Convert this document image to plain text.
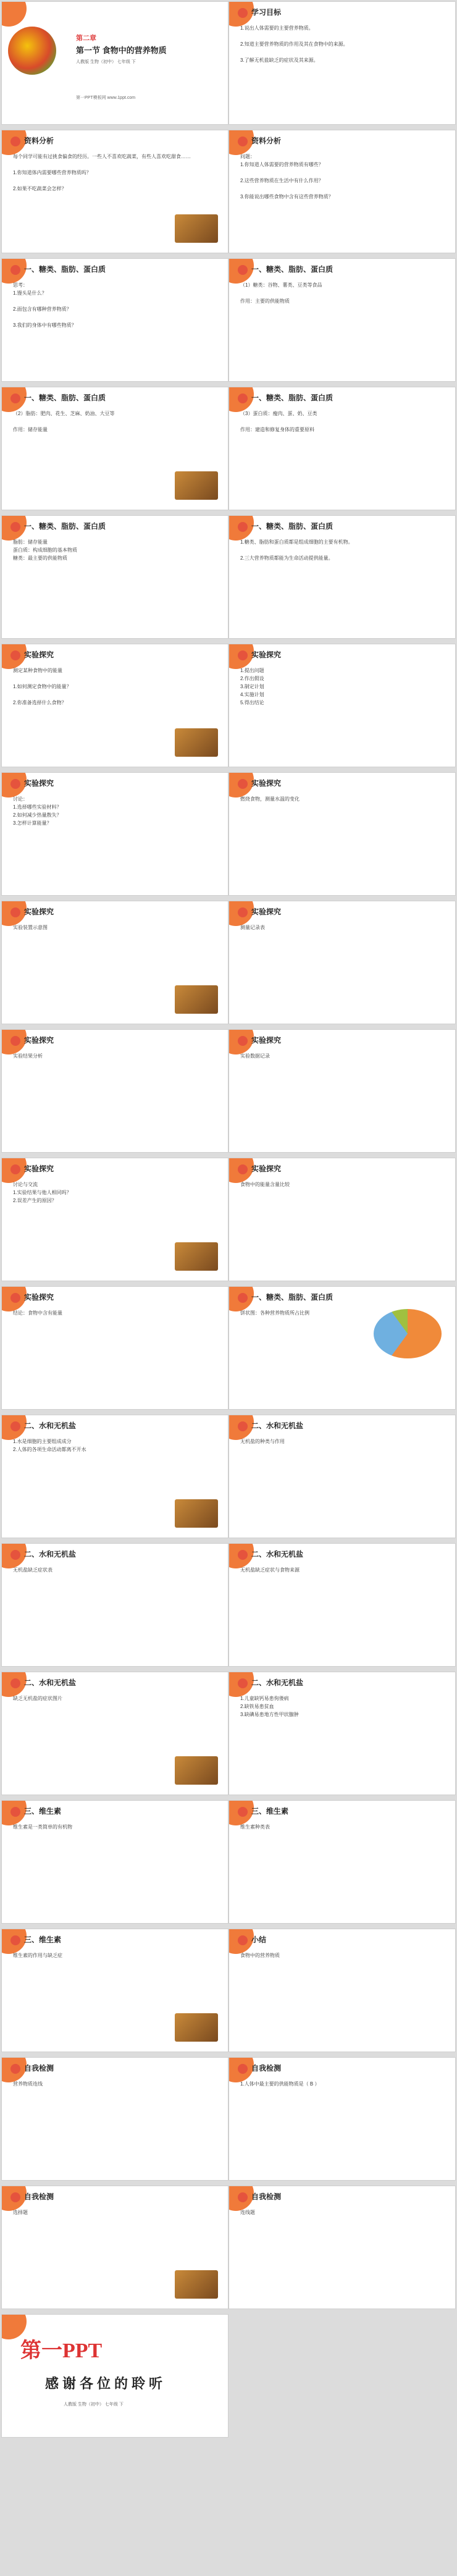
第二章
第一节 食物中的营养物质
人教版 生物（初中） 七年级 下
第一PPT模板网 www.1ppt.com
学习目标
1.说出人体需要的主要营养物质。

2.知道主要营养物质的作用及其在食物中的来源。

3.了解无机盐缺乏的症状及其来源。
资料分析
每个同学可能有过挑食偏食的经历。一些人不喜欢吃蔬菜，有些人喜欢吃甜食……

1.你知道体内需要哪些营养物质吗？

2.如果不吃蔬菜会怎样？
资料分析
问题：
1.你知道人体需要的营养物质有哪些？

2.这些营养物质在生活中有什么作用？

3.你能说出哪些食物中含有这些营养物质？
一、糖类、脂肪、蛋白质
思考：
1.馒头是什么？

2.面包含有哪种营养物质？

3.我们的身体中有哪些物质？
一、糖类、脂肪、蛋白质
（1）糖类：谷物、薯类、豆类等食品

作用：主要的供能物质
一、糖类、脂肪、蛋白质
（2）脂肪：肥肉、花生、芝麻、奶油、大豆等

作用：储存能量
一、糖类、脂肪、蛋白质
（3）蛋白质：瘦肉、蛋、奶、豆类

作用：建造和修复身体的重要原料
一、糖类、脂肪、蛋白质
脂肪：储存能量
蛋白质：构成细胞的基本物质
糖类：最主要的供能物质
一、糖类、脂肪、蛋白质
1.糖类、脂肪和蛋白质都是组成细胞的主要有机物。

2.三大营养物质都能为生命活动提供能量。
实验探究
测定某种食物中的能量

1.如何测定食物中的能量？

2.你准备选择什么食物？
实验探究
1.提出问题
2.作出假设
3.制定计划
4.实施计划
5.得出结论
实验探究
讨论：
1.选择哪些实验材料？
2.如何减少热量散失？
3.怎样计算能量？
实验探究
燃烧食物，测量水温的变化
实验探究
实验装置示意图
实验探究
测量记录表
实验探究
实验结果分析
实验探究
实验数据记录
实验探究
讨论与交流
1.实验结果与他人相同吗？
2.误差产生的原因？
实验探究
食物中的能量含量比较
实验探究
结论：食物中含有能量
一、糖类、脂肪、蛋白质
饼状图：各种营养物质所占比例
二、水和无机盐
1.水是细胞的主要组成成分
2.人体的各项生命活动都离不开水
二、水和无机盐
无机盐的种类与作用
二、水和无机盐
无机盐缺乏症状表
二、水和无机盐
无机盐缺乏症状与食物来源
二、水和无机盐
缺乏无机盐的症状图片
二、水和无机盐
1.儿童缺钙易患佝偻病
2.缺铁易患贫血
3.缺碘易患地方性甲状腺肿
三、维生素
维生素是一类简单的有机物
三、维生素
维生素种类表
三、维生素
维生素的作用与缺乏症
小结
食物中的营养物质
自我检测
营养物质连线
自我检测
1.人体中最主要的供能物质是（ B ）
自我检测
选择题
自我检测
连线题
第一PPT
感谢各位的聆听
人教版 生物（初中） 七年级 下
